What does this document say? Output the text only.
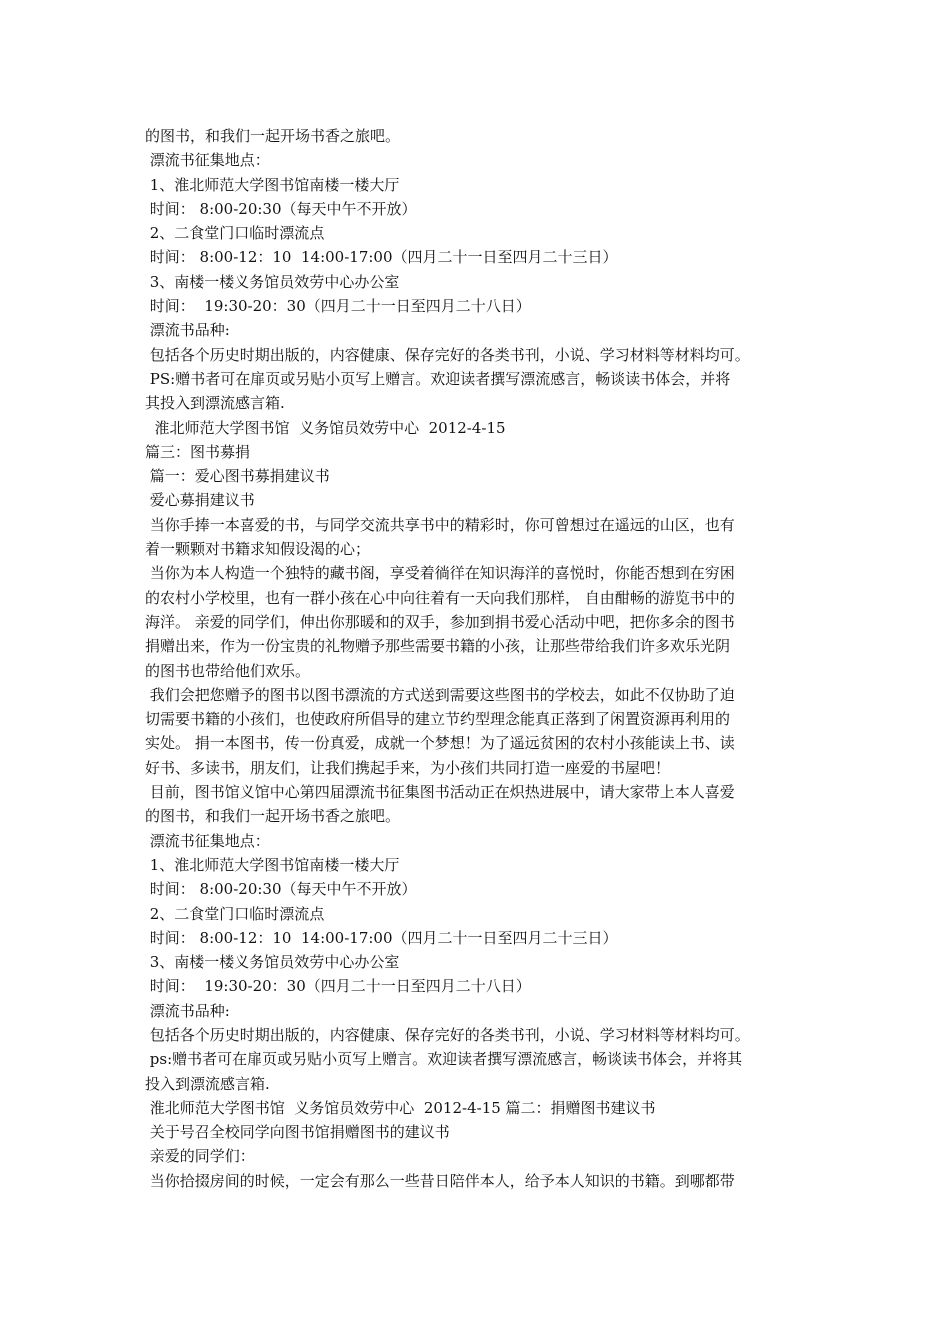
的图书，和我们一起开场书香之旅吧。
漂流书征集地点：
1、淮北师范大学图书馆南楼一楼大厅
时间： 8:00-20:30（每天中午不开放）
2、二食堂门口临时漂流点
时间： 8:00-12：10  14:00-17:00（四月二十一日至四月二十三日）
3、南楼一楼义务馆员效劳中心办公室
时间：  19:30-20：30（四月二十一日至四月二十八日）
漂流书品种:
包括各个历史时期出版的，内容健康、保存完好的各类书刊，小说、学习材料等材料均可。
PS:赠书者可在扉页或另贴小页写上赠言。欢迎读者撰写漂流感言，畅谈读书体会，并将
其投入到漂流感言箱.
淮北师范大学图书馆  义务馆员效劳中心  2012-4-15
篇三：图书募捐
篇一：爱心图书募捐建议书
爱心募捐建议书
当你手捧一本喜爱的书，与同学交流共享书中的精彩时，你可曾想过在遥远的山区，也有
着一颗颗对书籍求知假设渴的心；
当你为本人构造一个独特的藏书阁，享受着徜徉在知识海洋的喜悦时，你能否想到在穷困
的农村小学校里，也有一群小孩在心中向往着有一天向我们那样， 自由酣畅的游览书中的
海洋。 亲爱的同学们，伸出你那暖和的双手，参加到捐书爱心活动中吧，把你多余的图书
捐赠出来，作为一份宝贵的礼物赠予那些需要书籍的小孩，让那些带给我们许多欢乐光阴
的图书也带给他们欢乐。
我们会把您赠予的图书以图书漂流的方式送到需要这些图书的学校去，如此不仅协助了迫
切需要书籍的小孩们，也使政府所倡导的建立节约型理念能真正落到了闲置资源再利用的
实处。 捐一本图书，传一份真爱，成就一个梦想！为了遥远贫困的农村小孩能读上书、读
好书、多读书，朋友们，让我们携起手来，为小孩们共同打造一座爱的书屋吧！
目前，图书馆义馆中心第四届漂流书征集图书活动正在炽热进展中，请大家带上本人喜爱
的图书，和我们一起开场书香之旅吧。
漂流书征集地点：
1、淮北师范大学图书馆南楼一楼大厅
时间： 8:00-20:30（每天中午不开放）
2、二食堂门口临时漂流点
时间： 8:00-12：10  14:00-17:00（四月二十一日至四月二十三日）
3、南楼一楼义务馆员效劳中心办公室
时间：  19:30-20：30（四月二十一日至四月二十八日）
漂流书品种:
包括各个历史时期出版的，内容健康、保存完好的各类书刊，小说、学习材料等材料均可。
ps:赠书者可在扉页或另贴小页写上赠言。欢迎读者撰写漂流感言，畅谈读书体会，并将其
投入到漂流感言箱.
淮北师范大学图书馆  义务馆员效劳中心  2012-4-15 篇二：捐赠图书建议书
关于号召全校同学向图书馆捐赠图书的建议书
亲爱的同学们：
当你拾掇房间的时候，一定会有那么一些昔日陪伴本人，给予本人知识的书籍。到哪都带
